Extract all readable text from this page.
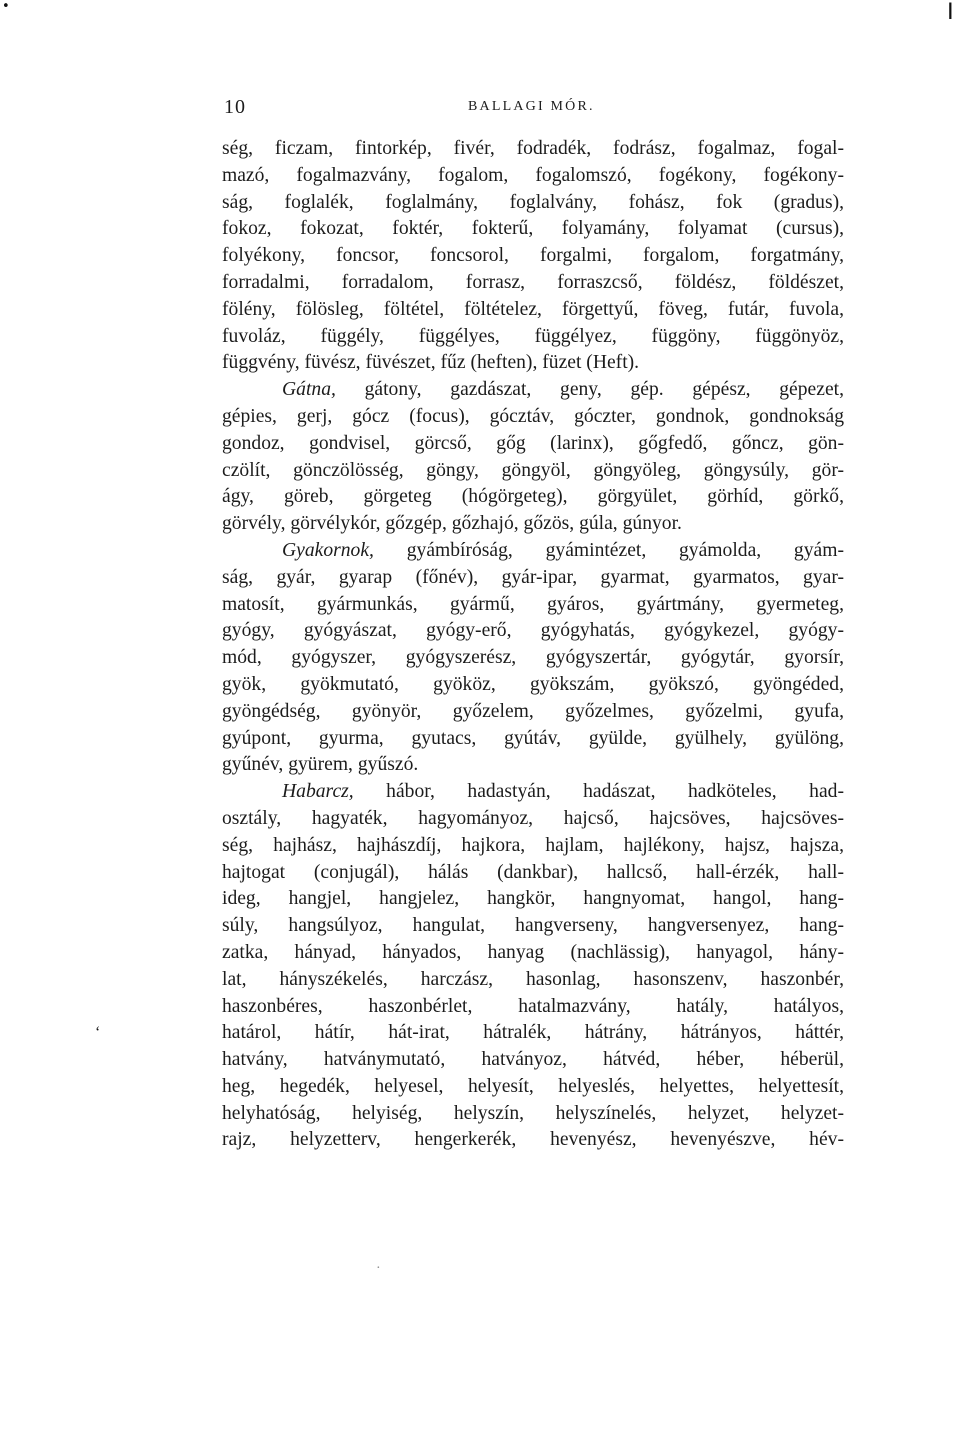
•	I
ʻ
·
10	BALLAGI MÓR.
ség, ficzam, fintorkép, fivér, fodradék, fodrász, fogalmaz, fogal-
mazó, fogalmazvány, fogalom, fogalomszó, fogékony, fogékony-
ság, foglalék, foglalmány, foglalvány, fohász, fok (gradus),
fokoz, fokozat, foktér, fokterű, folyamány, folyamat (cursus),
folyékony, foncsor, foncsorol, forgalmi, forgalom, forgatmány,
forradalmi, forradalom, forrasz, forraszcső, földész, földészet,
fölény, fölösleg, föltétel, föltételez, förgettyű, föveg, futár, fuvola,
fuvoláz, függély, függélyes, függélyez, függöny, függönyöz,
függvény, füvész, füvészet, fűz (heften), füzet (Heft).
Gátna, gátony, gazdászat, geny, gép. gépész, gépezet,
gépies, gerj, gócz (focus), gócztáv, góczter, gondnok, gondnokság
gondoz, gondvisel, görcső, gőg (larinx), gőgfedő, gőncz, gön-
czölít, gönczölösség, göngy, göngyöl, göngyöleg, göngysúly, gör-
ágy, göreb, görgeteg (hógörgeteg), görgyület, görhíd, görkő,
görvély, görvélykór, gőzgép, gőzhajó, gőzös, gúla, gúnyor.
Gyakornok, gyámbíróság, gyámintézet, gyámolda, gyám-
ság, gyár, gyarap (főnév), gyár-ipar, gyarmat, gyarmatos, gyar-
matosít, gyármunkás, gyármű, gyáros, gyártmány, gyermeteg,
gyógy, gyógyászat, gyógy-erő, gyógyhatás, gyógykezel, gyógy-
mód, gyógyszer, gyógyszerész, gyógyszertár, gyógytár, gyorsír,
gyök, gyökmutató, gyököz, gyökszám, gyökszó, gyöngéded,
gyöngédség, gyönyör, győzelem, győzelmes, győzelmi, gyufa,
gyúpont, gyurma, gyutacs, gyútáv, gyülde, gyülhely, gyülöng,
gyűnév, gyürem, gyűszó.
Habarcz, hábor, hadastyán, hadászat, hadköteles, had-
osztály, hagyaték, hagyományoz, hajcső, hajcsöves, hajcsöves-
ség, hajhász, hajhászdíj, hajkora, hajlam, hajlékony, hajsz, hajsza,
hajtogat (conjugál), hálás (dankbar), hallcső, hall-érzék, hall-
ideg, hangjel, hangjelez, hangkör, hangnyomat, hangol, hang-
súly, hangsúlyoz, hangulat, hangverseny, hangversenyez, hang-
zatka, hányad, hányados, hanyag (nachlässig), hanyagol, hány-
lat, hányszékelés, harczász, hasonlag, hasonszenv, haszonbér,
haszonbéres, haszonbérlet, hatalmazvány, hatály, hatályos,
határol, hátír, hát-irat, hátralék, hátrány, hátrányos, háttér,
hatvány, hatványmutató, hatványoz, hátvéd, héber, héberül,
heg, hegedék, helyesel, helyesít, helyeslés, helyettes, helyettesít,
helyhatóság, helyiség, helyszín, helyszínelés, helyzet, helyzet-
rajz, helyzetterv, hengerkerék, hevenyész, hevenyészve, hév-
